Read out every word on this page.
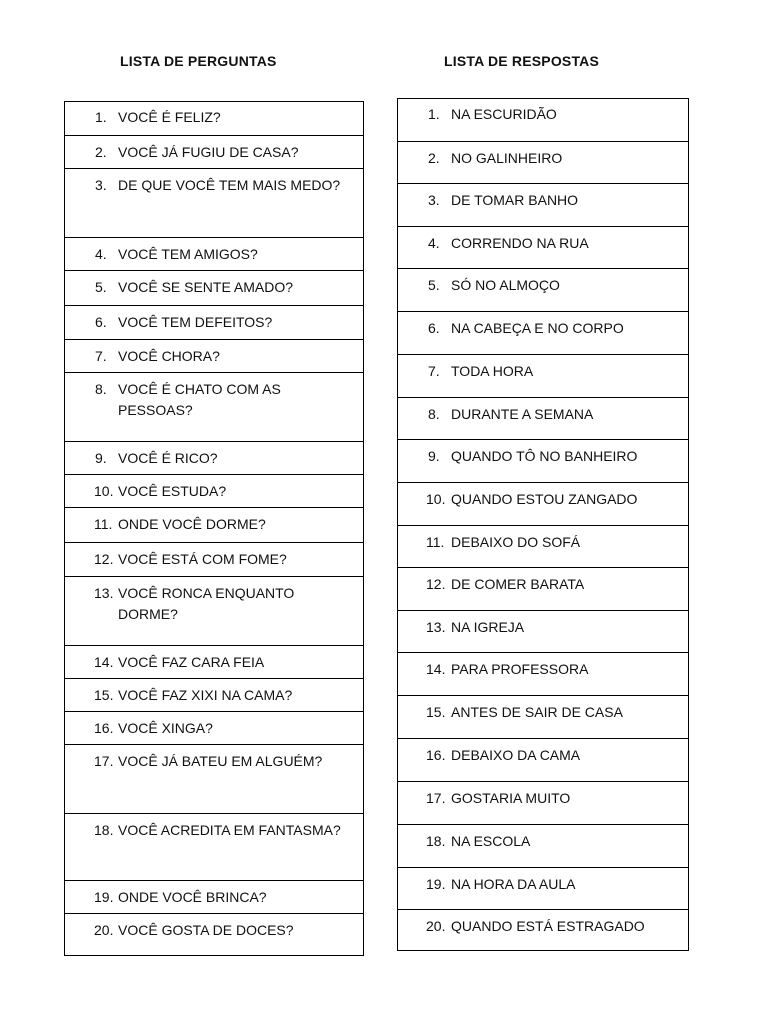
LISTA DE PERGUNTAS	LISTA DE RESPOSTAS
1. VOCÊ É FELIZ?
2. VOCÊ JÁ FUGIU DE CASA?
3. DE QUE VOCÊ TEM MAIS MEDO?
4. VOCÊ TEM AMIGOS?
5. VOCÊ SE SENTE AMADO?
6. VOCÊ TEM DEFEITOS?
7. VOCÊ CHORA?
8. VOCÊ É CHATO COM AS PESSOAS?
9. VOCÊ É RICO?
10. VOCÊ ESTUDA?
11. ONDE VOCÊ DORME?
12. VOCÊ ESTÁ COM FOME?
13. VOCÊ RONCA ENQUANTO DORME?
14. VOCÊ FAZ CARA FEIA
15. VOCÊ FAZ XIXI NA CAMA?
16. VOCÊ XINGA?
17. VOCÊ JÁ BATEU EM ALGUÉM?
18. VOCÊ ACREDITA EM FANTASMA?
19. ONDE VOCÊ BRINCA?
20. VOCÊ GOSTA DE DOCES?
1. NA ESCURIDÃO
2. NO GALINHEIRO
3. DE TOMAR BANHO
4. CORRENDO NA RUA
5. SÓ NO ALMOÇO
6. NA CABEÇA E NO CORPO
7. TODA HORA
8. DURANTE A SEMANA
9. QUANDO TÔ NO BANHEIRO
10. QUANDO ESTOU ZANGADO
11. DEBAIXO DO SOFÁ
12. DE COMER BARATA
13. NA IGREJA
14. PARA PROFESSORA
15. ANTES DE SAIR DE CASA
16. DEBAIXO DA CAMA
17. GOSTARIA MUITO
18. NA ESCOLA
19. NA HORA DA AULA
20. QUANDO ESTÁ ESTRAGADO
